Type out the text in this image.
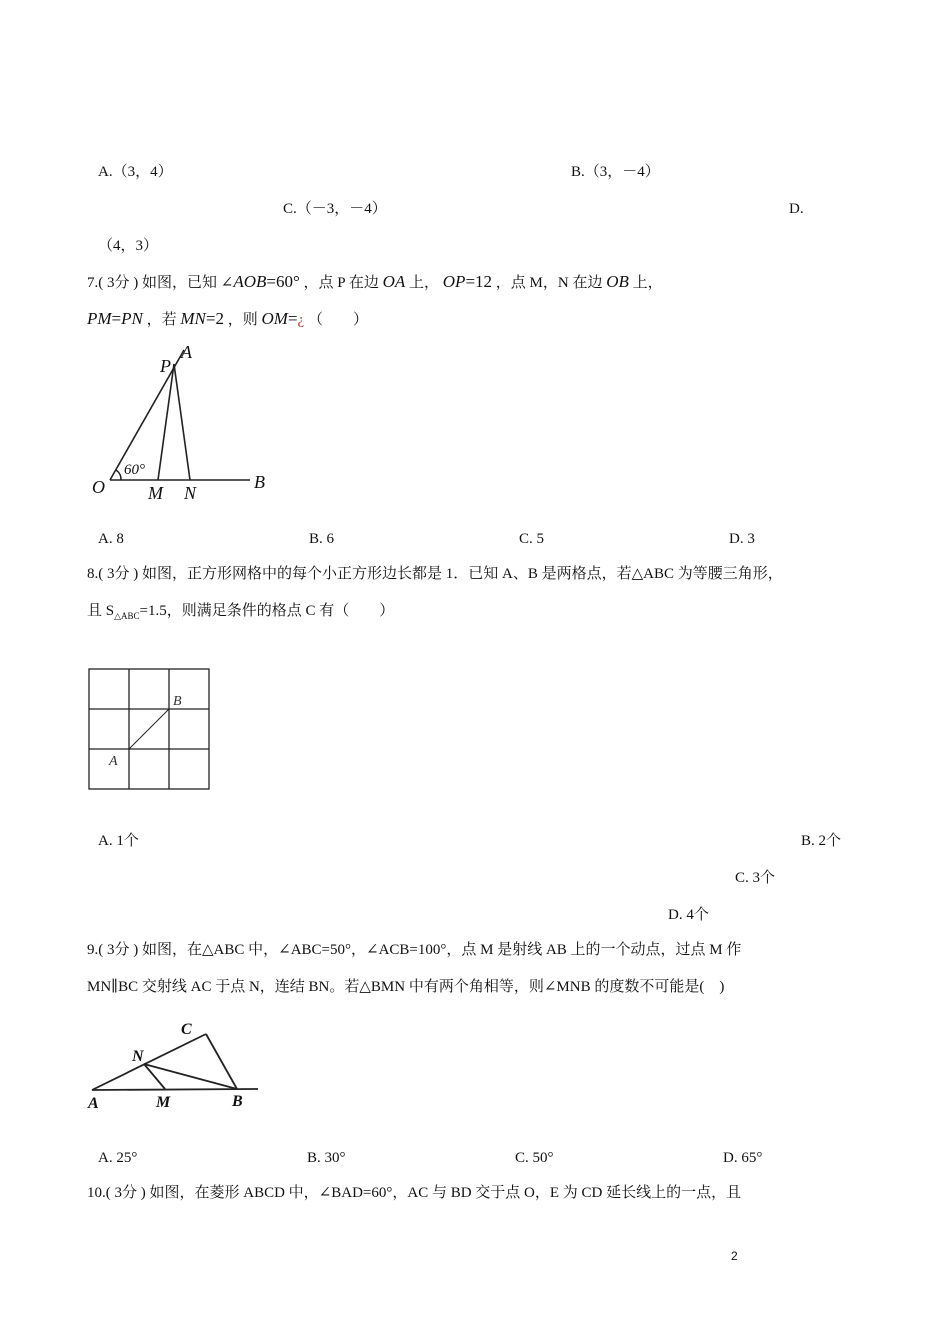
A.（3，4）	B.（3，－4）
C.（－3，－4）	D.
（4，3）
7.( 3分 ) 如图，已知 ∠AOB=60° ，点 P 在边 OA 上， OP=12 ，点 M，N 在边 OB 上，
PM=PN ，若 MN=2 ，则 OM=¿ （　　）
P
A
O
60°
M N
B
A. 8	B. 6	C. 5	D. 3
8.( 3分 ) 如图，正方形网格中的每个小正方形边长都是 1．已知 A、B 是两格点，若△ABC 为等腰三角形，
且 $S_{\triangle ABC}=1.5$，则满足条件的格点 C 有（　　）
B
A
A. 1个	B. 2个
C. 3个
D. 4个
9.( 3分 ) 如图，在△ABC 中，∠ABC=50°，∠ACB=100°，点 M 是射线 AB 上的一个动点，过点 M 作
MN∥BC 交射线 AC 于点 N，连结 BN。若△BMN 中有两个角相等，则∠MNB 的度数不可能是(　)
C
N
A	M	B
A. 25°	B. 30°	C. 50°	D. 65°
10.( 3分 ) 如图，在菱形 ABCD 中，∠BAD=60°，AC 与 BD 交于点 O，E 为 CD 延长线上的一点，且
2
